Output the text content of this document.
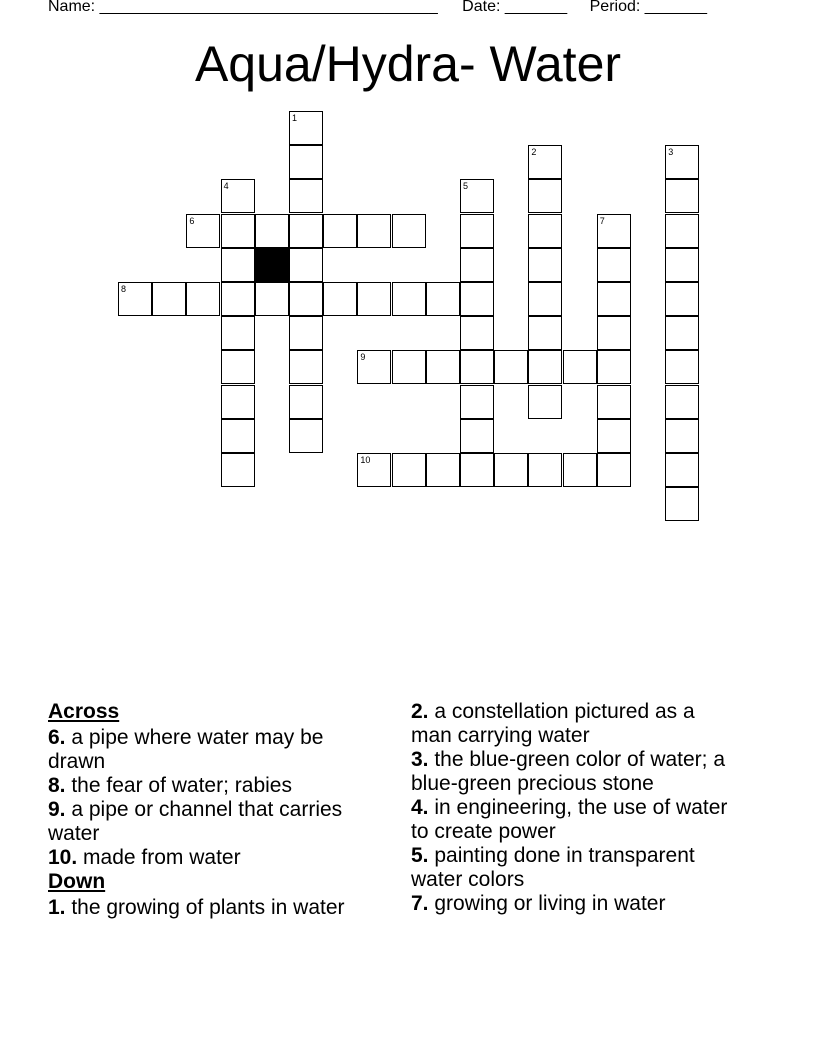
Name: ______________________________________ Date: _______ Period: _______
Aqua/Hydra- Water
6
8
9
10
1
2	3
4	5
7
Across

6. a pipe where water may be drawn

8. the fear of water; rabies

9. a pipe or channel that carries water

10. made from water

Down

1. the growing of plants in water

2. a constellation pictured as a man carrying water

3. the blue-green color of water; a blue-green precious stone

4. in engineering, the use of water to create power

5. painting done in transparent water colors

7. growing or living in water
